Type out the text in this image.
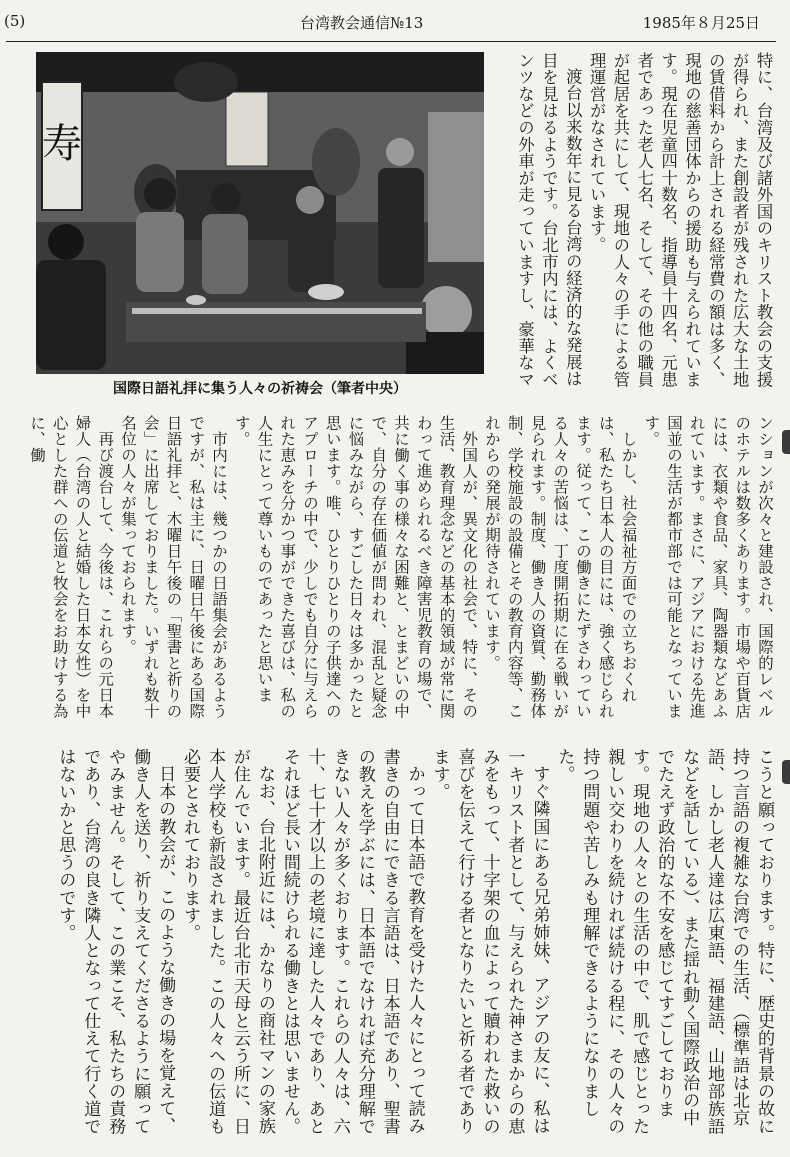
(5)	台湾教会通信№13	1985年８月25日
寿
国際日語礼拝に集う人々の祈祷会（筆者中央）
特に、台湾及び諸外国のキリスト教会の支援が得られ、また創設者が残された広大な土地の賃借料から計上される経常費の額は多く、現地の慈善団体からの援助も与えられています。現在児童四十数名、指導員十四名、元患者であった老人七名、そして、その他の職員が起居を共にして、現地の人々の手による管理運営がなされています。
渡台以来数年に見る台湾の経済的な発展は目を見はるようです。台北市内には、よくベンツなどの外車が走っていますし、豪華なマ
ンションが次々と建設され、国際的レベルのホテルは数多くあります。市場や百貨店には、衣類や食品、家具、陶器類などあふれています。まさに、アジアにおける先進国並の生活が都市部では可能となっています。
しかし、社会福祉方面での立ちおくれは、私たち日本人の目には、強く感じられます。従って、この働きにたずさわっている人々の苦悩は、丁度開拓期に在る戦いが見られます。制度、働き人の資質、勤務体制、学校施設の設備とその教育内容等、これからの発展が期待されています。
外国人が、異文化の社会で、特に、その生活、教育理念などの基本的領域が常に関わって進められるべき障害児教育の場で、共に働く事の様々な困難と、とまどいの中で、自分の存在価値が問われ、混乱と疑念に悩みながら、すごした日々は多かったと思います。唯、ひとりひとりの子供達へのアプローチの中で、少しでも自分に与えられた恵みを分かつ事ができた喜びは、私の人生にとって尊いものであったと思います。
市内には、幾つかの日語集会があるようですが、私は主に、日曜日午後にある国際日語礼拝と、木曜日午後の「聖書と祈りの会」に出席しておりました。いずれも数十名位の人々が集っておられます。
再び渡台して、今後は、これらの元日本婦人（台湾の人と結婚した日本女性）を中心とした群への伝道と牧会をお助けする為に、働
こうと願っております。特に、歴史的背景の故に持つ言語の複雑な台湾での生活、（標準語は北京語、しかし老人達は広東語、福建語、山地部族語などを話している）、また揺れ動く国際政治の中でたえず政治的な不安を感じてすごしております。現地の人々との生活の中で、肌で感じとった親しい交わりを続ければ続ける程に、その人々の持つ問題や苦しみも理解できるようになりました。
すぐ隣国にある兄弟姉妹、アジアの友に、私は一キリスト者として、与えられた神さまからの恵みをもって、十字架の血によって贖われた救いの喜びを伝えて行ける者となりたいと祈る者であります。
かって日本語で教育を受けた人々にとって読み書きの自由にできる言語は、日本語であり、聖書の教えを学ぶには、日本語でなければ充分理解できない人々が多くおります。これらの人々は、六十、七十才以上の老境に達した人々であり、あとそれほど長い間続けられる働きとは思いません。
なお、台北附近には、かなりの商社マンの家族が住んでいます。最近台北市天母と云う所に、日本人学校も新設されました。この人々への伝道も必要とされております。
日本の教会が、このような働きの場を覚えて、働き人を送り、祈り支えてくださるように願ってやみません。そして、この業こそ、私たちの責務であり、台湾の良き隣人となって仕えて行く道ではないかと思うのです。
